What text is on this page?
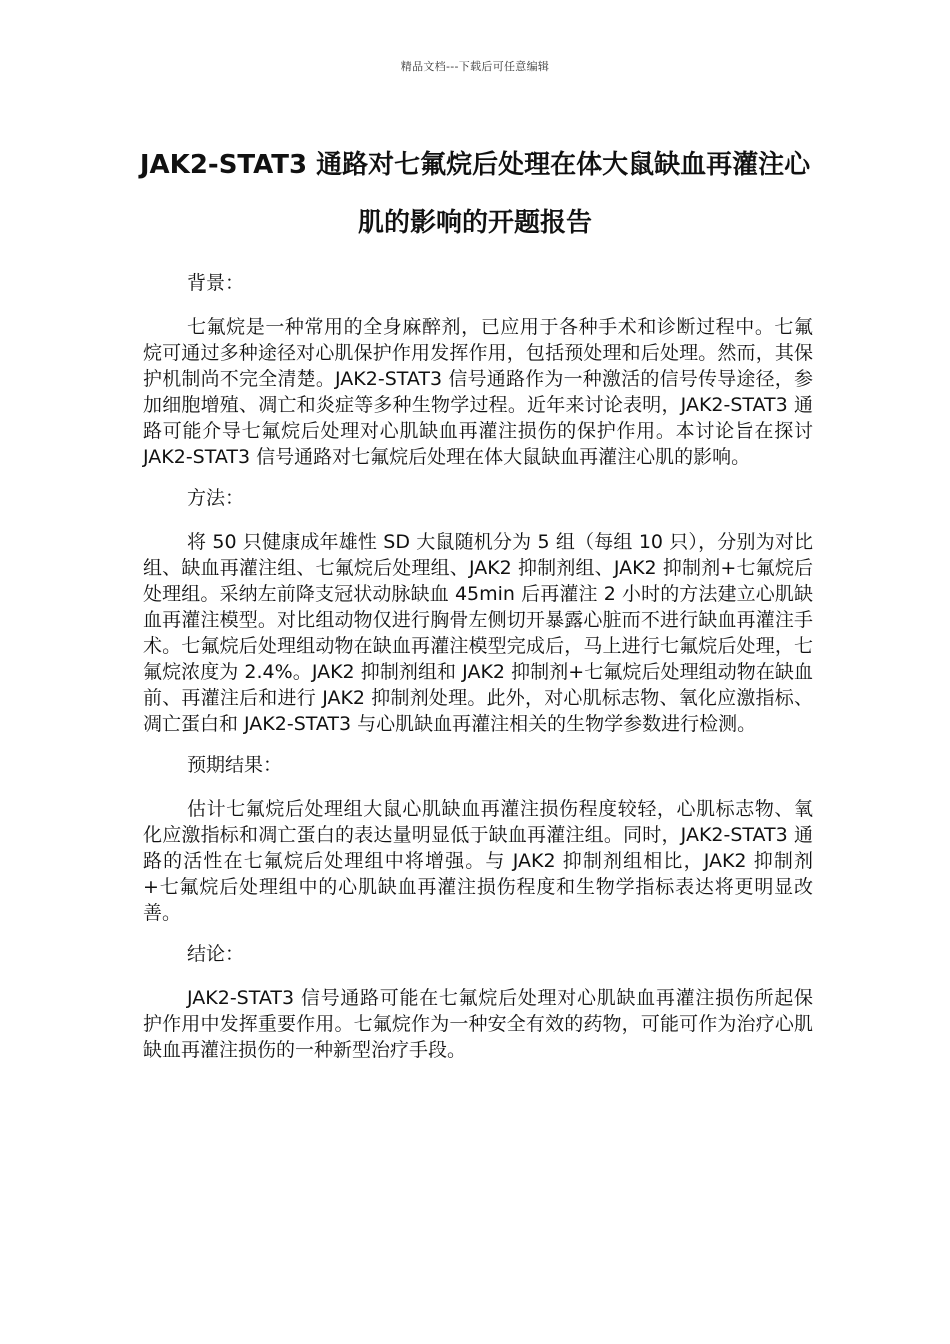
精品文档---下载后可任意编辑
JAK2-STAT3 通路对七氟烷后处理在体大鼠缺血再灌注心肌的影响的开题报告

背景：

七氟烷是一种常用的全身麻醉剂，已应用于各种手术和诊断过程中。七氟烷可通过多种途径对心肌保护作用发挥作用，包括预处理和后处理。然而，其保护机制尚不完全清楚。JAK2-STAT3 信号通路作为一种激活的信号传导途径，参加细胞增殖、凋亡和炎症等多种生物学过程。近年来讨论表明，JAK2-STAT3 通路可能介导七氟烷后处理对心肌缺血再灌注损伤的保护作用。本讨论旨在探讨 JAK2-STAT3 信号通路对七氟烷后处理在体大鼠缺血再灌注心肌的影响。

方法：

将 50 只健康成年雄性 SD 大鼠随机分为 5 组（每组 10 只），分别为对比组、缺血再灌注组、七氟烷后处理组、JAK2 抑制剂组、JAK2 抑制剂+七氟烷后处理组。采纳左前降支冠状动脉缺血 45min 后再灌注 2 小时的方法建立心肌缺血再灌注模型。对比组动物仅进行胸骨左侧切开暴露心脏而不进行缺血再灌注手术。七氟烷后处理组动物在缺血再灌注模型完成后，马上进行七氟烷后处理，七氟烷浓度为 2.4%。JAK2 抑制剂组和 JAK2 抑制剂+七氟烷后处理组动物在缺血前、再灌注后和进行 JAK2 抑制剂处理。此外，对心肌标志物、氧化应激指标、凋亡蛋白和 JAK2-STAT3 与心肌缺血再灌注相关的生物学参数进行检测。

预期结果：

估计七氟烷后处理组大鼠心肌缺血再灌注损伤程度较轻，心肌标志物、氧化应激指标和凋亡蛋白的表达量明显低于缺血再灌注组。同时，JAK2-STAT3 通路的活性在七氟烷后处理组中将增强。与 JAK2 抑制剂组相比，JAK2 抑制剂+七氟烷后处理组中的心肌缺血再灌注损伤程度和生物学指标表达将更明显改善。

结论：

JAK2-STAT3 信号通路可能在七氟烷后处理对心肌缺血再灌注损伤所起保护作用中发挥重要作用。七氟烷作为一种安全有效的药物，可能可作为治疗心肌缺血再灌注损伤的一种新型治疗手段。
